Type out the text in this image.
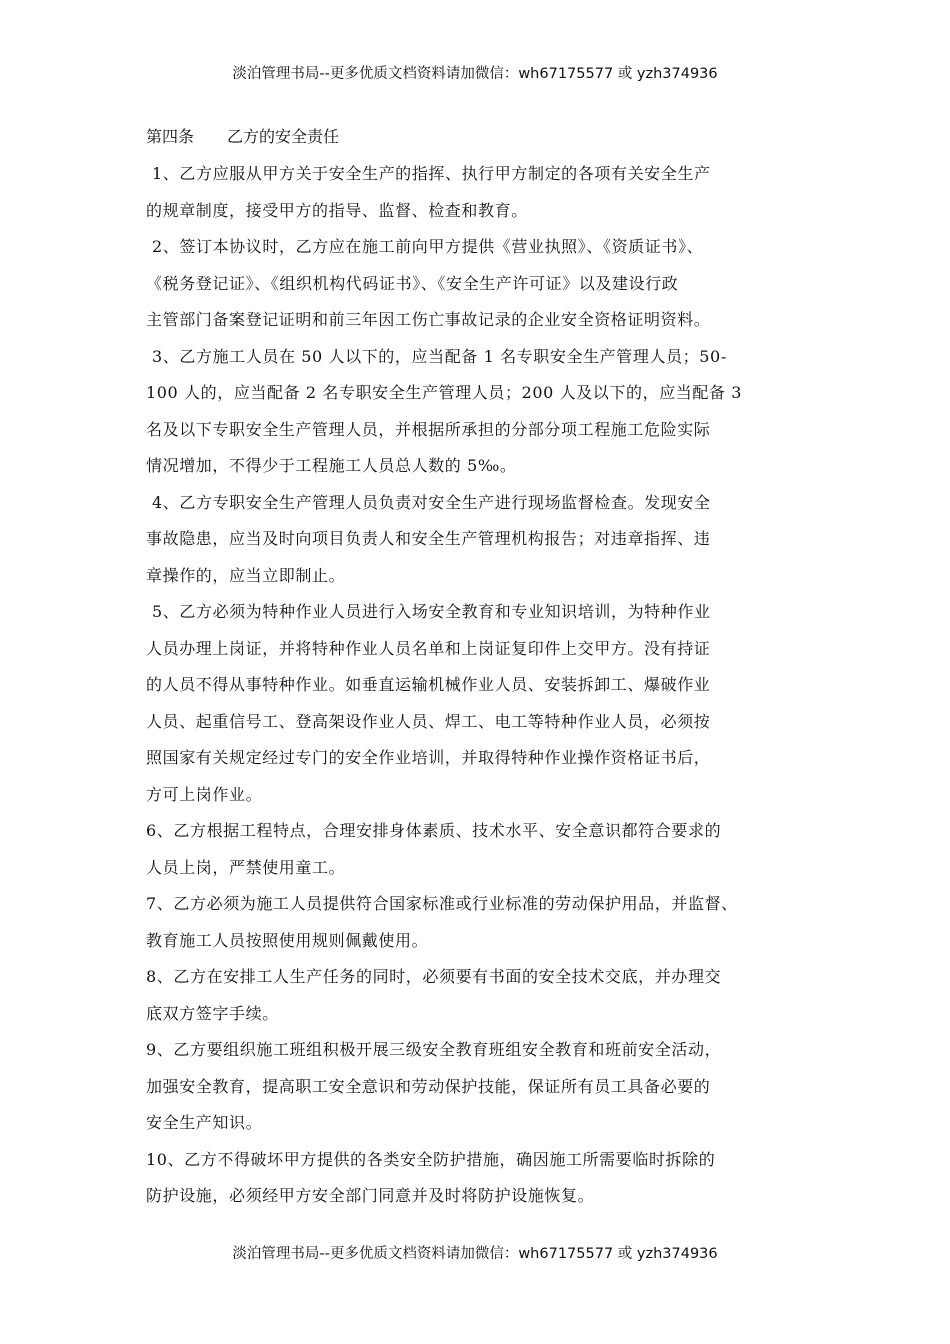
淡泊管理书局--更多优质文档资料请加微信：wh67175577 或 yzh374936
第四条 乙方的安全责任
1、乙方应服从甲方关于安全生产的指挥、执行甲方制定的各项有关安全生产
的规章制度，接受甲方的指导、监督、检查和教育。
2、签订本协议时，乙方应在施工前向甲方提供《营业执照》、《资质证书》、
《税务登记证》、《组织机构代码证书》、《安全生产许可证》以及建设行政
主管部门备案登记证明和前三年因工伤亡事故记录的企业安全资格证明资料。
3、乙方施工人员在 50 人以下的，应当配备 1 名专职安全生产管理人员；50-
100 人的，应当配备 2 名专职安全生产管理人员；200 人及以下的，应当配备 3
名及以下专职安全生产管理人员，并根据所承担的分部分项工程施工危险实际
情况增加，不得少于工程施工人员总人数的 5‰。
4、乙方专职安全生产管理人员负责对安全生产进行现场监督检查。发现安全
事故隐患，应当及时向项目负责人和安全生产管理机构报告；对违章指挥、违
章操作的，应当立即制止。
5、乙方必须为特种作业人员进行入场安全教育和专业知识培训，为特种作业
人员办理上岗证，并将特种作业人员名单和上岗证复印件上交甲方。没有持证
的人员不得从事特种作业。如垂直运输机械作业人员、安装拆卸工、爆破作业
人员、起重信号工、登高架设作业人员、焊工、电工等特种作业人员，必须按
照国家有关规定经过专门的安全作业培训，并取得特种作业操作资格证书后，
方可上岗作业。
6、乙方根据工程特点，合理安排身体素质、技术水平、安全意识都符合要求的
人员上岗，严禁使用童工。
7、乙方必须为施工人员提供符合国家标准或行业标准的劳动保护用品，并监督、
教育施工人员按照使用规则佩戴使用。
8、乙方在安排工人生产任务的同时，必须要有书面的安全技术交底，并办理交
底双方签字手续。
9、乙方要组织施工班组积极开展三级安全教育班组安全教育和班前安全活动，
加强安全教育，提高职工安全意识和劳动保护技能，保证所有员工具备必要的
安全生产知识。
10、乙方不得破坏甲方提供的各类安全防护措施，确因施工所需要临时拆除的
防护设施，必须经甲方安全部门同意并及时将防护设施恢复。
淡泊管理书局--更多优质文档资料请加微信：wh67175577 或 yzh374936
